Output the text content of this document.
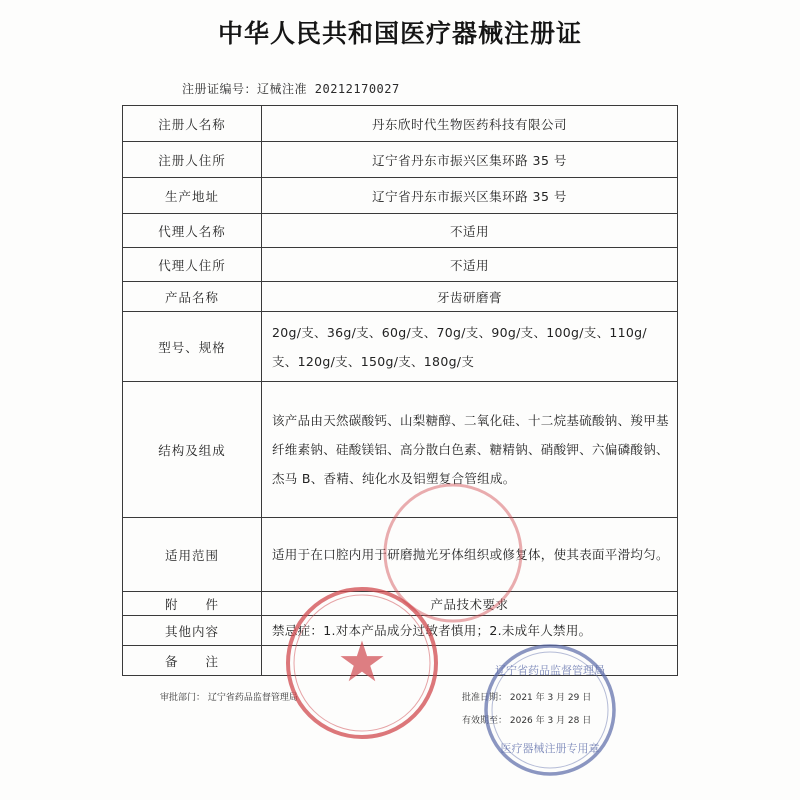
中华人民共和国医疗器械注册证
注册证编号：辽械注准 20212170027
注册人名称	丹东欣时代生物医药科技有限公司
注册人住所	辽宁省丹东市振兴区集环路 35 号
生产地址	辽宁省丹东市振兴区集环路 35 号
代理人名称	不适用
代理人住所	不适用
产品名称	牙齿研磨膏
型号、规格	20g/支、36g/支、60g/支、70g/支、90g/支、100g/支、110g/支、120g/支、150g/支、180g/支
结构及组成	该产品由天然碳酸钙、山梨糖醇、二氧化硅、十二烷基硫酸钠、羧甲基纤维素钠、硅酸镁铝、高分散白色素、糖精钠、硝酸钾、六偏磷酸钠、杰马 B、香精、纯化水及铝塑复合管组成。
适用范围	适用于在口腔内用于研磨抛光牙体组织或修复体，使其表面平滑均匀。
附　　件	产品技术要求
其他内容	禁忌症：1.对本产品成分过敏者慎用；2.未成年人禁用。
备　　注	
审批部门： 辽宁省药品监督管理局	批准日期： 2021 年 3 月 29 日
有效期至： 2026 年 3 月 28 日
★	辽宁省药品监督管理局
医疗器械注册专用章
